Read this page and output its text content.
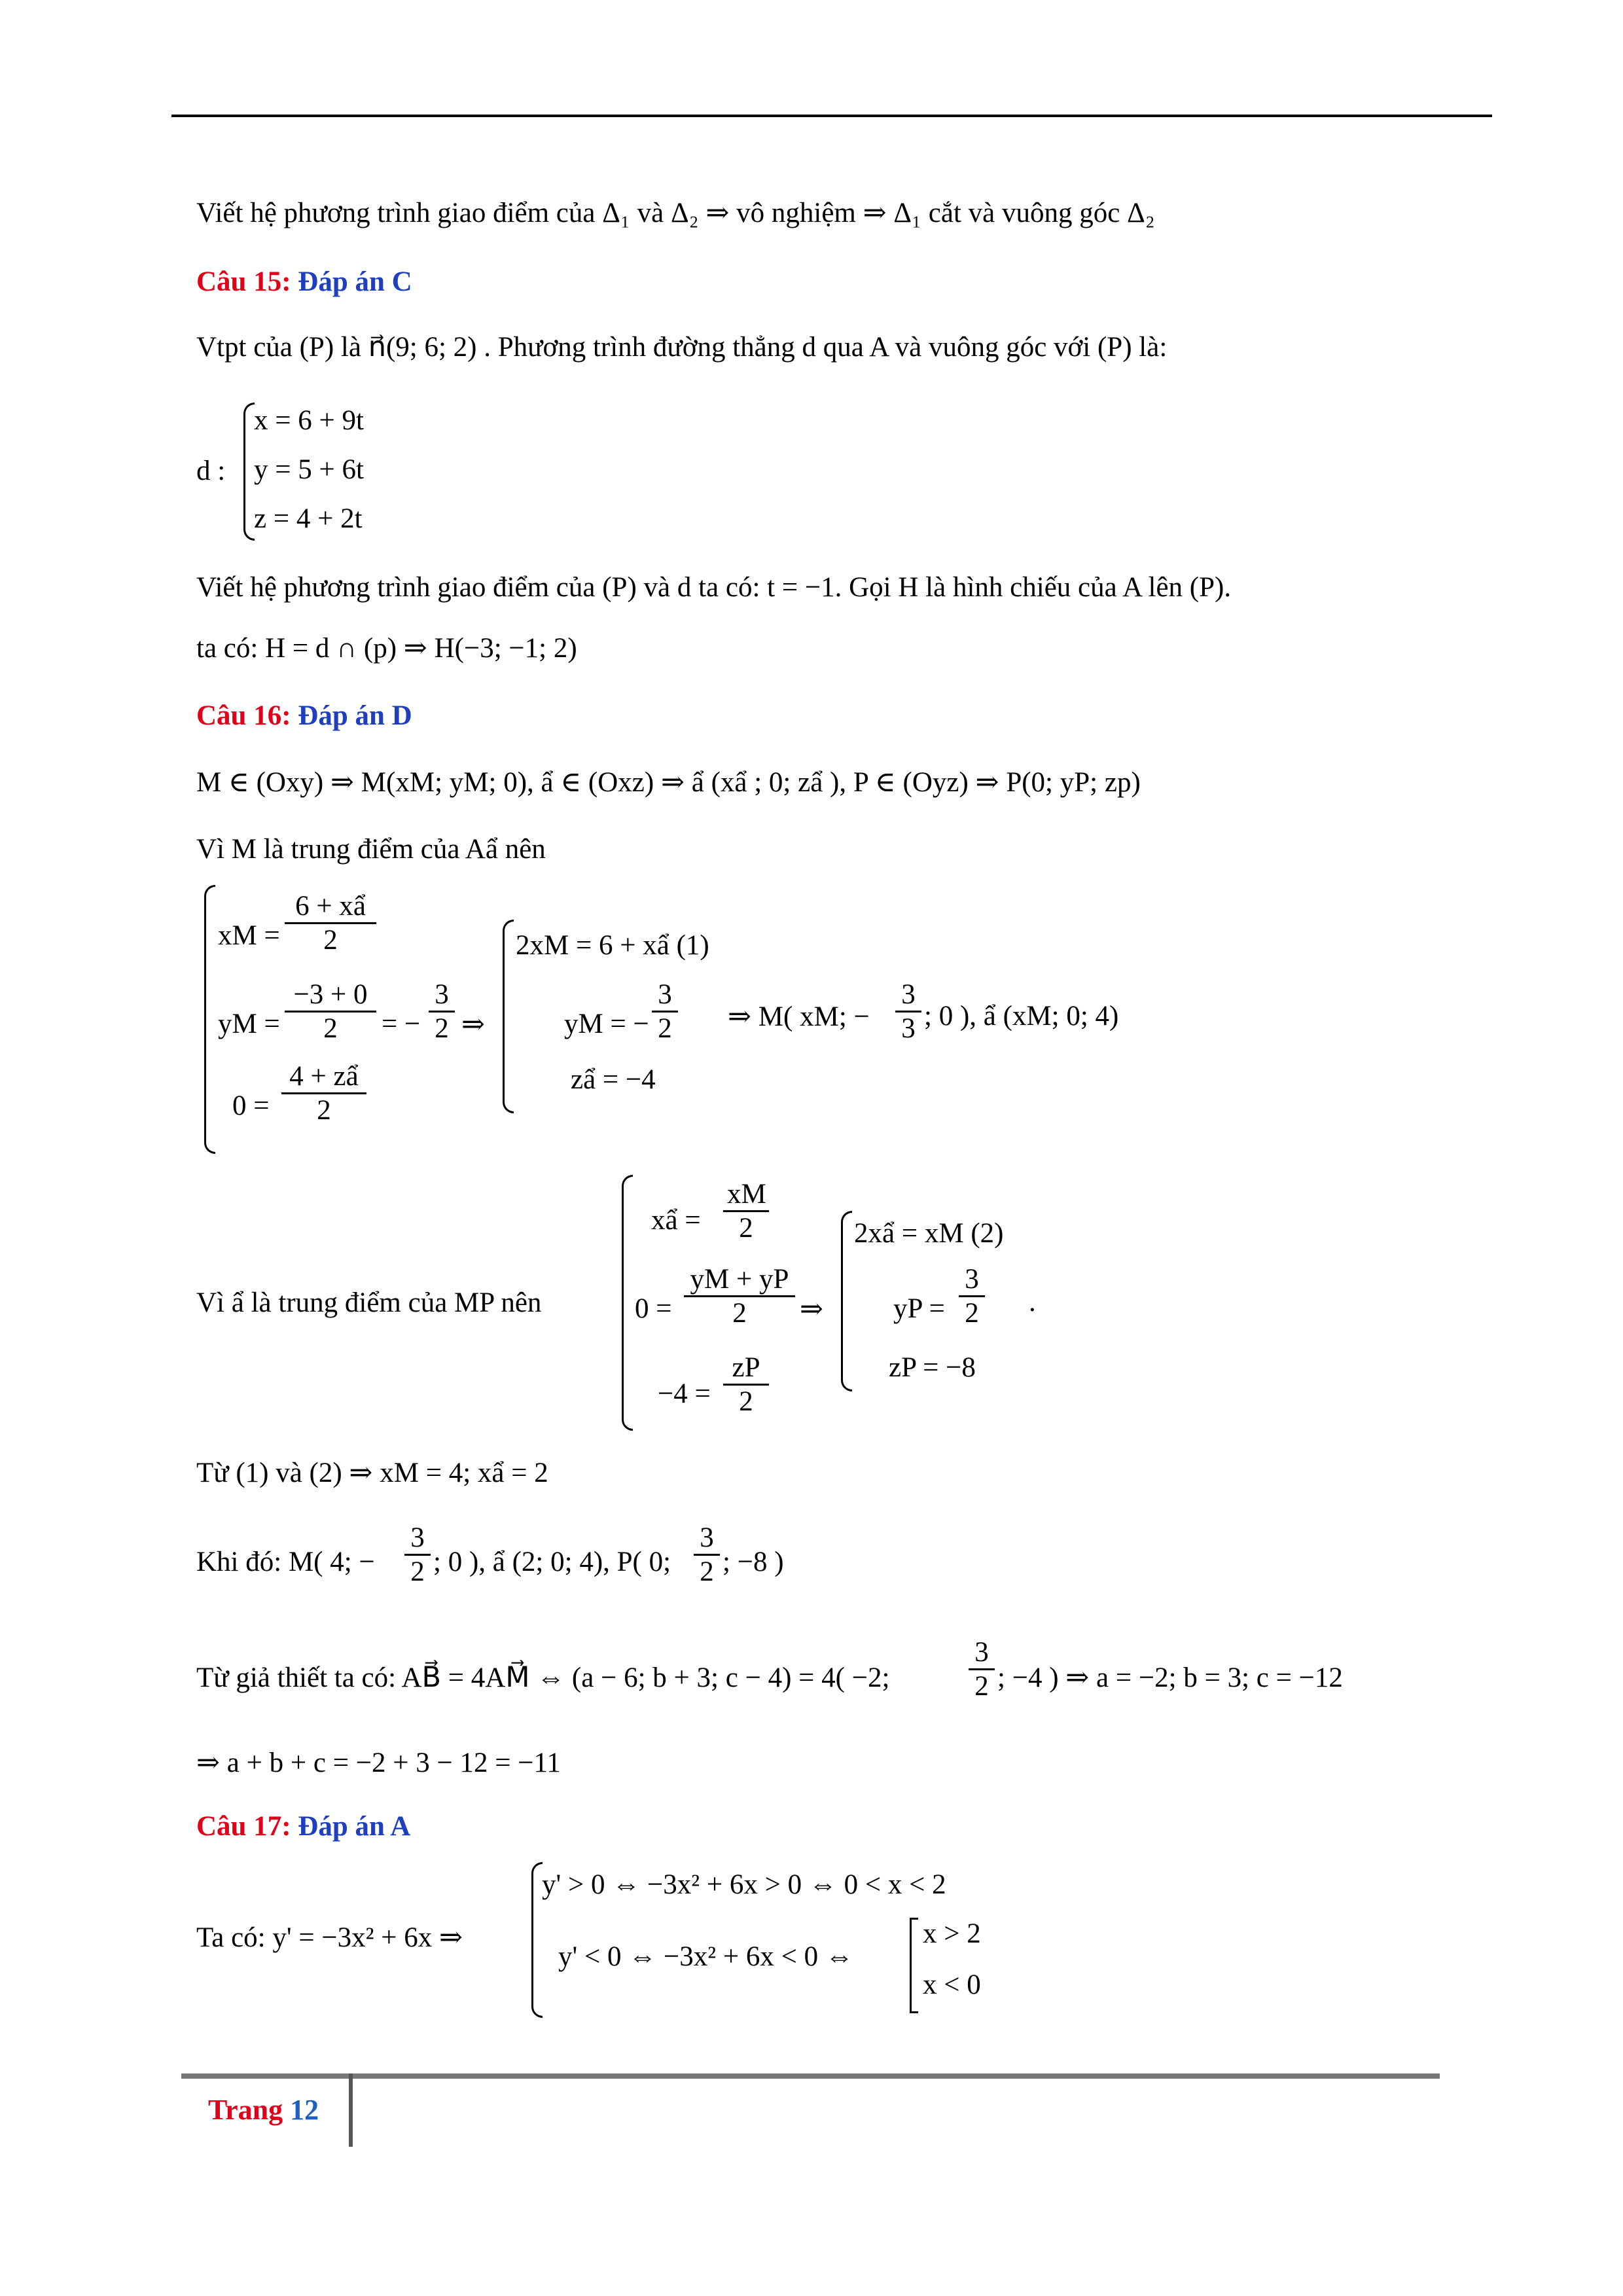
Viết hệ phương trình giao điểm của Δ₁ và Δ₂ ⇒ vô nghiệm ⇒ Δ₁ cắt và vuông góc Δ₂
Câu 15: Đáp án C
Vtpt của (P) là n⃗(9; 6; 2) . Phương trình đường thẳng d qua A và vuông góc với (P) là:
d :
x = 6 + 9t
y = 5 + 6t
z = 4 + 2t
Viết hệ phương trình giao điểm của (P) và d ta có: t = −1. Gọi H là hình chiếu của A lên (P).
ta có: H = d ∩ (p) ⇒ H(−3; −1; 2)
Câu 16: Đáp án D
M ∈ (Oxy) ⇒ M(xM; yM; 0), ẩ ∈ (Oxz) ⇒ ẩ (xẩ ; 0; zẩ ), P ∈ (Oyz) ⇒ P(0; yP; zp)
Vì M là trung điểm của Aẩ nên
xM = $\frac{\text{6 + xẩ}}{2}$
yM = $\frac{-3 + 0}{2}$ = − $\frac{3}{2}$ ⇒
$0 = \frac{\text{4 + zẩ}}{2}$
2xM = 6 + xẩ (1)
yM = − $\frac{3}{2}$
zẩ = −4
⇒ M( xM; − $\frac{3}{3}$ ; 0 ), ẩ (xM; 0; 4)
Vì ẩ là trung điểm của MP nên
xẩ = $\frac{xM}{2}$
$0 = \frac{yM + yP}{2}$ ⇒
$-4 = \frac{zP}{2}$
2xẩ = xM (2)
yP = $\frac{3}{2}$
zP = −8
.
Từ (1) và (2) ⇒ xM = 4; xẩ = 2
Khi đó: M( 4; − $\frac{3}{2}$ ; 0 ), ẩ (2; 0; 4), P( 0; $\frac{3}{2}$ ; −8 )
Từ giả thiết ta có: AB⃗ = 4AM⃗ ⇔ (a − 6; b + 3; c − 4) = 4( −2;	$\frac{3}{2}$ ; −4 ) ⇒ a = −2; b = 3; c = −12
⇒ a + b + c = −2 + 3 − 12 = −11
Câu 17: Đáp án A
Ta có: y' = −3x² + 6x ⇒
y' > 0 ⇔ −3x² + 6x > 0 ⇔ 0 < x < 2
y' < 0 ⇔ −3x² + 6x < 0 ⇔
x > 2
x < 0
Trang 12
